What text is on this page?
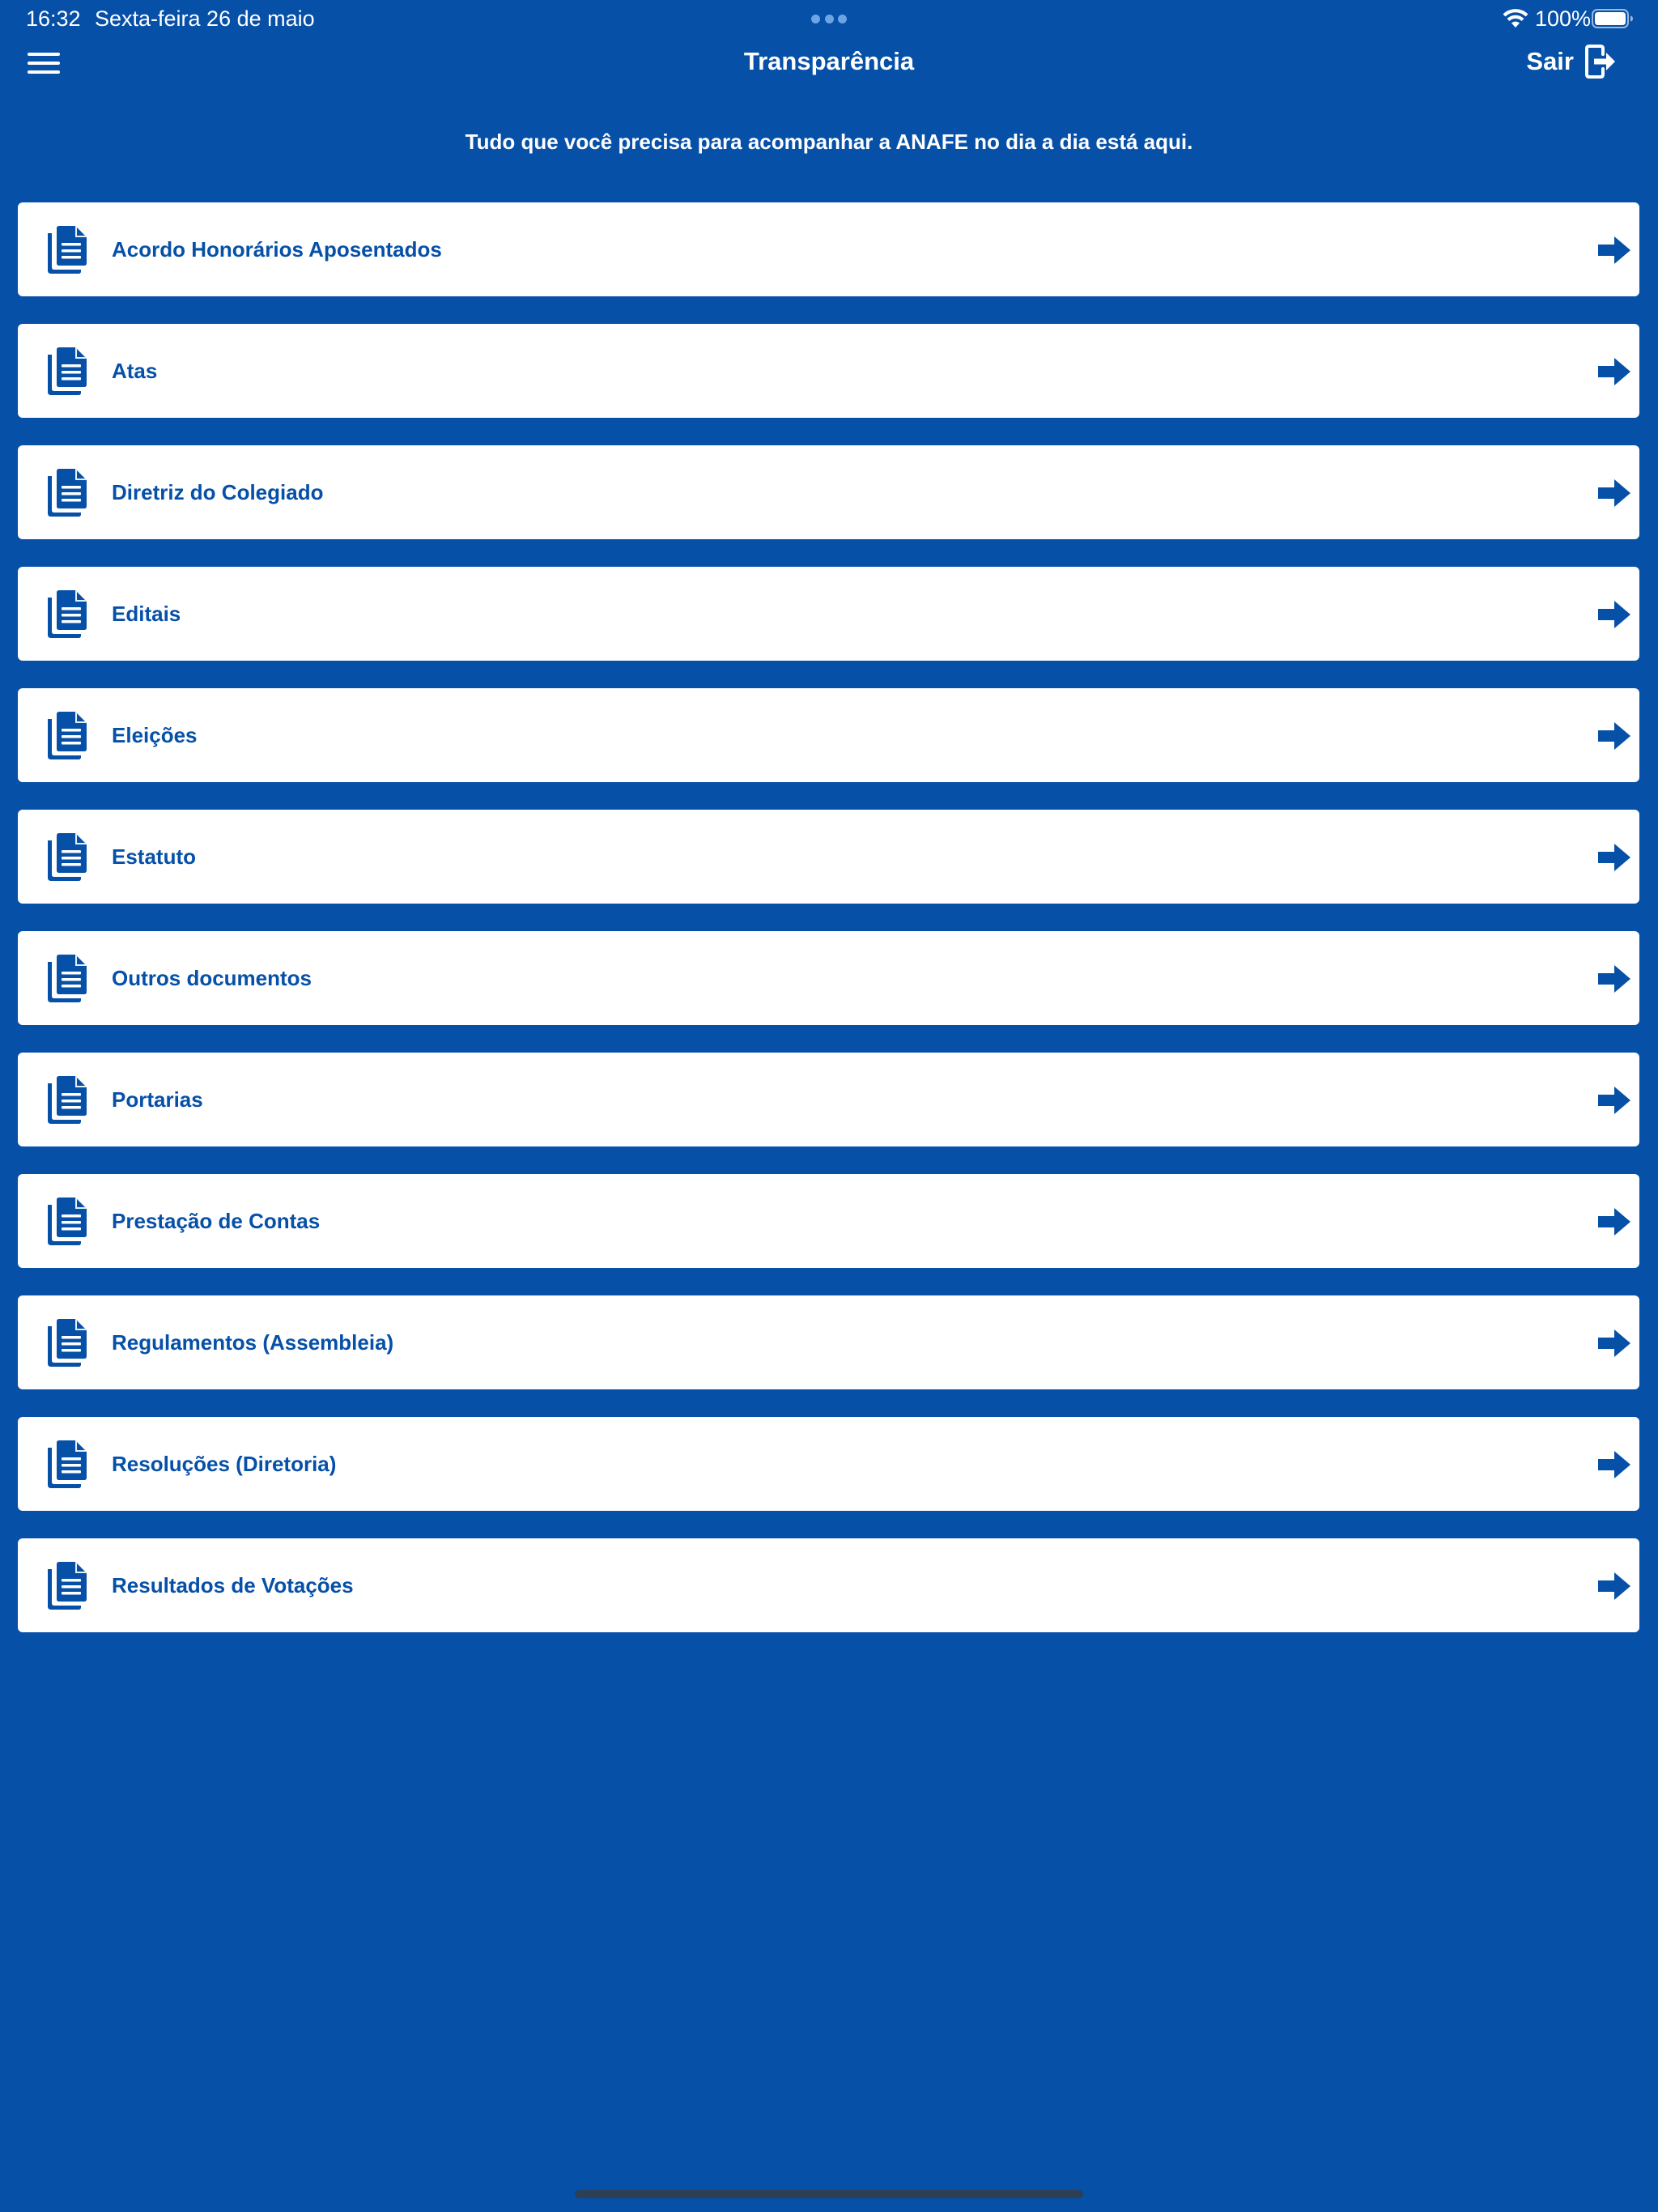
16:32 Sexta-feira 26 de maio	100%
Transparência	Sair
Tudo que você precisa para acompanhar a ANAFE no dia a dia está aqui.
Acordo Honorários Aposentados
Atas
Diretriz do Colegiado
Editais
Eleições
Estatuto
Outros documentos
Portarias
Prestação de Contas
Regulamentos (Assembleia)
Resoluções (Diretoria)
Resultados de Votações
